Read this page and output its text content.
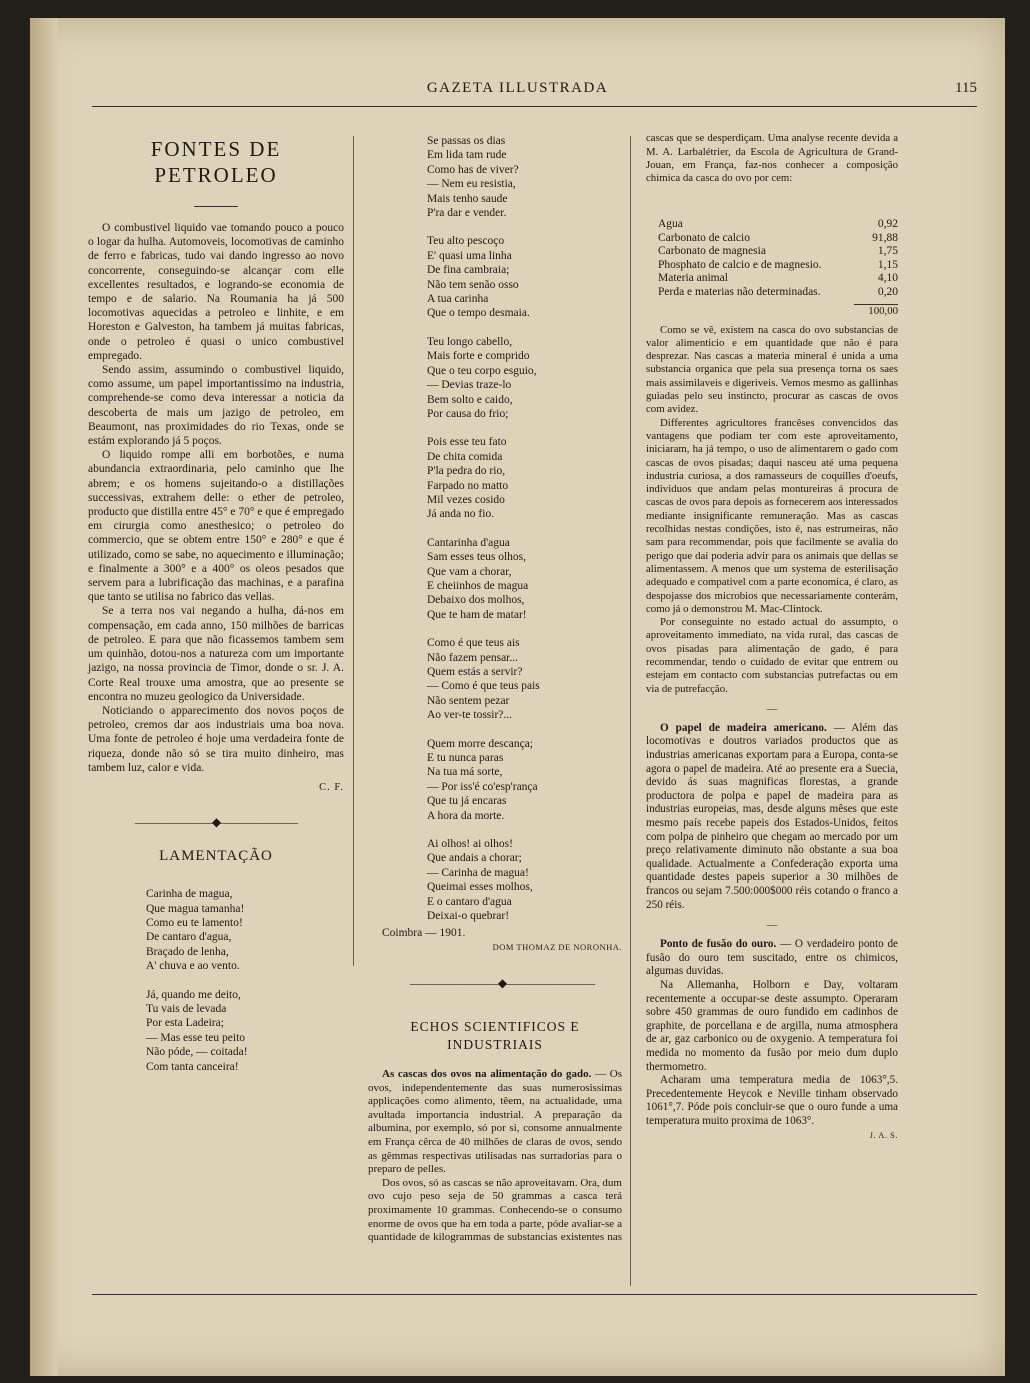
GAZETA ILLUSTRADA	115
FONTES DE PETROLEO

O combustivel liquido vae tomando pouco a pouco o logar da hulha. Automoveis, locomotivas de caminho de ferro e fabricas, tudo vai dando ingresso ao novo concorrente, conseguindo-se alcançar com elle excellentes resultados, e logrando-se economia de tempo e de salario. Na Roumania ha já 500 locomotivas aquecidas a petroleo e linhite, e em Horeston e Galveston, ha tambem já muitas fabricas, onde o petroleo é quasi o unico combustivel empregado.

Sendo assim, assumindo o combustivel liquido, como assume, um papel importantissimo na industria, comprehende-se como deva interessar a noticia da descoberta de mais um jazigo de petroleo, em Beaumont, nas proximidades do rio Texas, onde se estám explorando já 5 poços.

O liquido rompe alli em borbotões, e numa abundancia extraordinaria, pelo caminho que lhe abrem; e os homens sujeitando-o a distillações successivas, extrahem delle: o ether de petroleo, producto que distilla entre 45° e 70° e que é empregado em cirurgia como anesthesico; o petroleo do commercio, que se obtem entre 150° e 280° e que é utilizado, como se sabe, no aquecimento e illuminação; e finalmente a 300° e a 400° os oleos pesados que servem para a lubrificação das machinas, e a parafina que tanto se utilisa no fabrico das vellas.

Se a terra nos vai negando a hulha, dá-nos em compensação, em cada anno, 150 milhões de barricas de petroleo. E para que não ficassemos tambem sem um quinhão, dotou-nos a natureza com um importante jazigo, na nossa provincia de Timor, donde o sr. J. A. Corte Real trouxe uma amostra, que ao presente se encontra no muzeu geologico da Universidade.

Noticiando o apparecimento dos novos poços de petroleo, cremos dar aos industriais uma boa nova. Uma fonte de petroleo é hoje uma verdadeira fonte de riqueza, donde não só se tira muito dinheiro, mas tambem luz, calor e vida.

C. F.
———————◆———————
LAMENTAÇÃO
Carinha de magua,
Que magua tamanha!
Como eu te lamento!
De cantaro d'agua,
Braçado de lenha,
A' chuva e ao vento.
Já, quando me deito,
Tu vais de levada
Por esta Ladeira;
— Mas esse teu peito
Não póde, — coitada!
Com tanta canceira!
Se passas os dias
Em lida tam rude
Como has de viver?
— Nem eu resistia,
Mais tenho saude
P'ra dar e vender.
Teu alto pescoço
E' quasi uma linha
De fina cambraia;
Não tem senão osso
A tua carinha
Que o tempo desmaia.
Teu longo cabello,
Mais forte e comprido
Que o teu corpo esguio,
— Devias traze-lo
Bem solto e caido,
Por causa do frio;
Pois esse teu fato
De chita comida
P'la pedra do rio,
Farpado no matto
Mil vezes cosido
Já anda no fio.
Cantarinha d'agua
Sam esses teus olhos,
Que vam a chorar,
E cheiinhos de magua
Debaixo dos molhos,
Que te ham de matar!
Como é que teus ais
Não fazem pensar...
Quem estás a servir?
— Como é que teus pais
Não sentem pezar
Ao ver-te tossir?...
Quem morre descança;
E tu nunca paras
Na tua má sorte,
— Por iss'é co'esp'rança
Que tu já encaras
A hora da morte.
Ai olhos! ai olhos!
Que andais a chorar;
— Carinha de magua!
Queimai esses molhos,
E o cantaro d'agua
Deixai-o quebrar!
Coimbra — 1901.
DOM THOMAZ DE NORONHA.
————————◆————————
ECHOS SCIENTIFICOS E INDUSTRIAIS

As cascas dos ovos na alimentação do gado. — Os ovos, independentemente das suas numerosissimas applicações como alimento, têem, na actualidade, uma avultada importancia industrial. A preparação da albumina, por exemplo, só por si, consome annualmente em França cêrca de 40 milhões de claras de ovos, sendo as gêmmas respectivas utilisadas nas surradorias para o preparo de pelles.

Dos ovos, só as cascas se não aproveitavam. Ora, dum ovo cujo peso seja de 50 grammas a casca terá proximamente 10 grammas. Conhecendo-se o consumo enorme de ovos que ha em toda a parte, póde avaliar-se a quantidade de kilogrammas de substancias existentes nas

cascas que se desperdiçam. Uma analyse recente devida a M. A. Larbalétrier, da Escola de Agricultura de Grand-Jouan, em França, faz-nos conhecer a composição chimica da casca do ovo por cem:

Agua	0,92
Carbonato de calcio	91,88
Carbonato de magnesia	1,75
Phosphato de calcio e de magnesio.	1,15
Materia animal	4,10
Perda e materias não determinadas.	0,20
100,00

Como se vê, existem na casca do ovo substancias de valor alimenticio e em quantidade que não é para desprezar. Nas cascas a materia mineral é unida a uma substancia organica que pela sua presença torna os saes mais assimilaveis e digeriveis. Vemos mesmo as gallinhas guiadas pelo seu instincto, procurar as cascas de ovos com avidez.

Differentes agricultores francêses convencidos das vantagens que podiam ter com este aproveitamento, iniciaram, ha já tempo, o uso de alimentarem o gado com cascas de ovos pisadas; daqui nasceu até uma pequena industria curiosa, a dos ramasseurs de coquilles d'oeufs, individuos que andam pelas montureiras á procura de cascas de ovos para depois as fornecerem aos interessados mediante insignificante remuneração. Mas as cascas recolhidas nestas condições, isto é, nas estrumeiras, não sam para recommendar, pois que facilmente se avalia do perigo que daí poderia advir para os animais que dellas se alimentassem. A menos que um systema de esterilisação adequado e compativel com a parte economica, é claro, as despojasse dos microbios que necessariamente conterám, como já o demonstrou M. Mac-Clintock.

Por conseguinte no estado actual do assumpto, o aproveitamento immediato, na vida rural, das cascas de ovos pisadas para alimentação de gado, é para recommendar, tendo o cuidado de evitar que entrem ou estejam em contacto com substancias putrefactas ou em via de putrefacção.

—

O papel de madeira americano. — Além das locomotivas e doutros variados productos que as industrias americanas exportam para a Europa, conta-se agora o papel de madeira. Até ao presente era a Suecia, devido ás suas magnificas florestas, a grande productora de polpa e papel de madeira para as industrias europeias, mas, desde alguns mêses que este mesmo país recebe papeis dos Estados-Unidos, feitos com polpa de pinheiro que chegam ao mercado por um preço relativamente diminuto não obstante a sua boa qualidade. Actualmente a Confederação exporta uma quantidade destes papeis superior a 30 milhões de francos ou sejam 7.500:000$000 réis cotando o franco a 250 réis.

—

Ponto de fusão do ouro. — O verdadeiro ponto de fusão do ouro tem suscitado, entre os chimicos, algumas duvidas.

Na Allemanha, Holborn e Day, voltaram recentemente a occupar-se deste assumpto. Operaram sobre 450 grammas de ouro fundido em cadinhos de graphite, de porcellana e de argilla, numa atmosphera de ar, gaz carbonico ou de oxygenio. A temperatura foi medida no momento da fusão por meio dum duplo thermometro.

Acharam uma temperatura media de 1063°,5. Precedentemente Heycok e Neville tinham observado 1061°,7. Póde pois concluir-se que o ouro funde a uma temperatura muito proxima de 1063°.

J. A. S.
